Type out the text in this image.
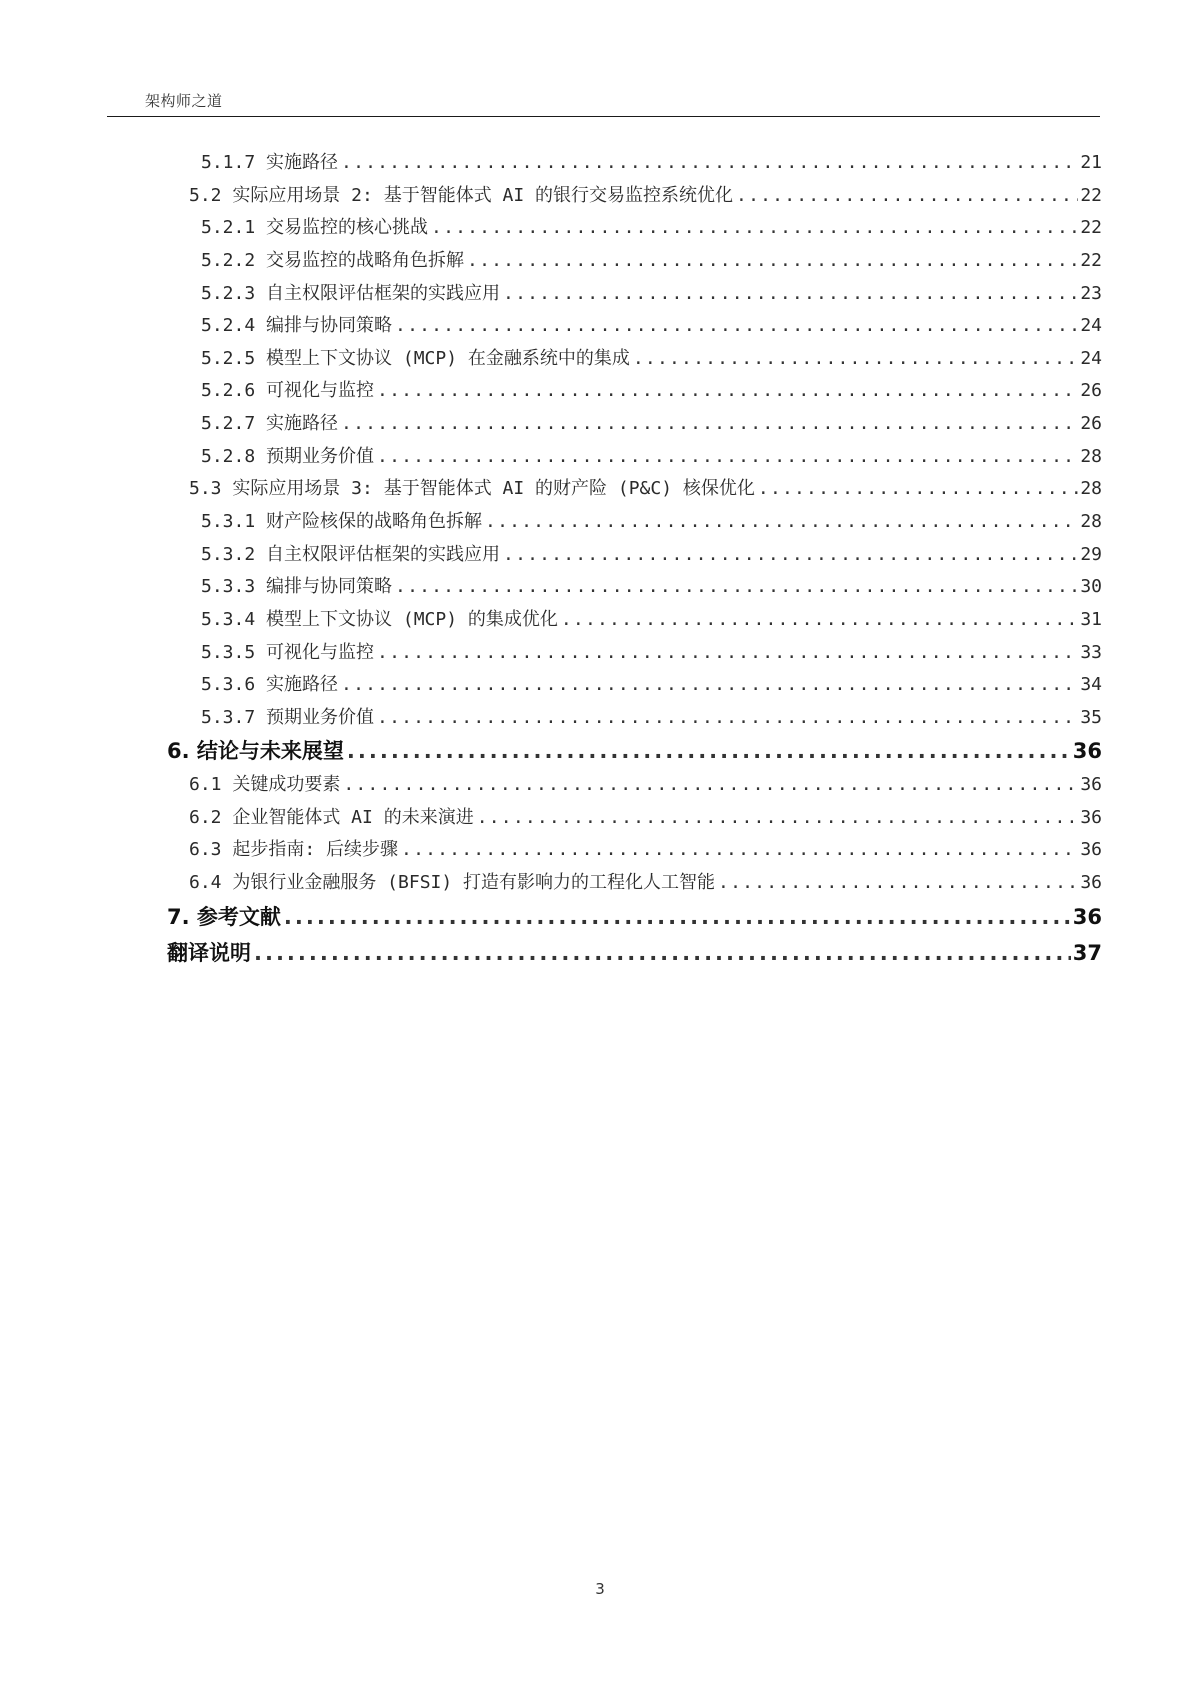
架构师之道
5.1.7 实施路径 .....	21
5.2 实际应用场景 2: 基于智能体式 AI 的银行交易监控系统优化 .....	22
5.2.1 交易监控的核心挑战 .....	22
5.2.2 交易监控的战略角色拆解 .....	22
5.2.3 自主权限评估框架的实践应用 .....	23
5.2.4 编排与协同策略 .....	24
5.2.5 模型上下文协议 (MCP) 在金融系统中的集成 .....	24
5.2.6 可视化与监控 .....	26
5.2.7 实施路径 .....	26
5.2.8 预期业务价值 .....	28
5.3 实际应用场景 3: 基于智能体式 AI 的财产险 (P&C) 核保优化 .....	28
5.3.1 财产险核保的战略角色拆解 .....	28
5.3.2 自主权限评估框架的实践应用 .....	29
5.3.3 编排与协同策略 .....	30
5.3.4 模型上下文协议 (MCP) 的集成优化 .....	31
5.3.5 可视化与监控 .....	33
5.3.6 实施路径 .....	34
5.3.7 预期业务价值 .....	35
6. 结论与未来展望 .....	36
6.1 关键成功要素 .....	36
6.2 企业智能体式 AI 的未来演进 .....	36
6.3 起步指南: 后续步骤 .....	36
6.4 为银行业金融服务 (BFSI) 打造有影响力的工程化人工智能 .....	36
7. 参考文献 .....	36
翻译说明 .....	37
3
